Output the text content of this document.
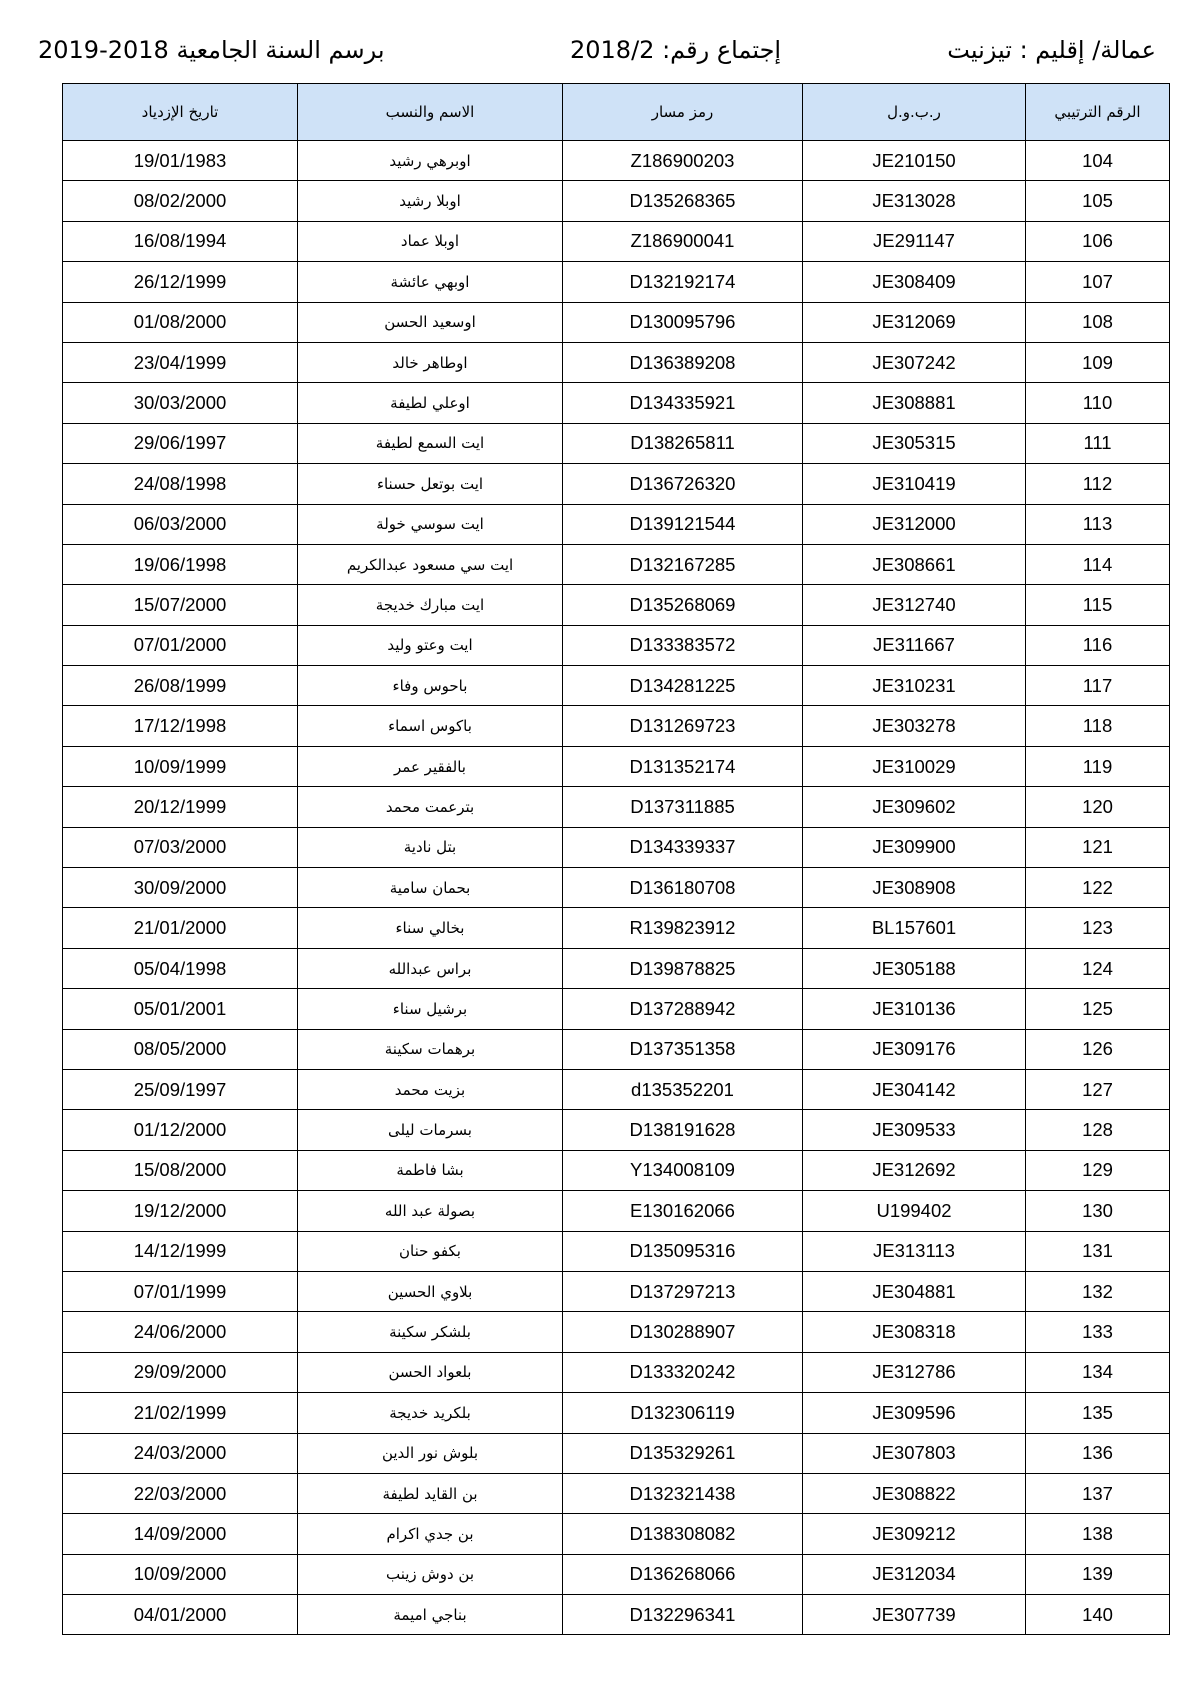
برسم السنة الجامعية 2018-2019	إجتماع رقم: 2018/2	عمالة/ إقليم : تيزنيت
تاريخ الإزدياد	الاسم والنسب	رمز مسار	ر.ب.و.ل	الرقم الترتيبي
19/01/1983	اوبرهي رشيد	Z186900203	JE210150	104
08/02/2000	اوبلا رشيد	D135268365	JE313028	105
16/08/1994	اوبلا عماد	Z186900041	JE291147	106
26/12/1999	اوبهي عائشة	D132192174	JE308409	107
01/08/2000	اوسعيد الحسن	D130095796	JE312069	108
23/04/1999	اوطاهر خالد	D136389208	JE307242	109
30/03/2000	اوعلي لطيفة	D134335921	JE308881	110
29/06/1997	ايت السمع لطيفة	D138265811	JE305315	111
24/08/1998	ايت بوتعل حسناء	D136726320	JE310419	112
06/03/2000	ايت سوسي خولة	D139121544	JE312000	113
19/06/1998	ايت سي مسعود عبدالكريم	D132167285	JE308661	114
15/07/2000	ايت مبارك خديجة	D135268069	JE312740	115
07/01/2000	ايت وعتو وليد	D133383572	JE311667	116
26/08/1999	باحوس وفاء	D134281225	JE310231	117
17/12/1998	باكوس اسماء	D131269723	JE303278	118
10/09/1999	بالفقير عمر	D131352174	JE310029	119
20/12/1999	بترعمت محمد	D137311885	JE309602	120
07/03/2000	بتل نادية	D134339337	JE309900	121
30/09/2000	بحمان سامية	D136180708	JE308908	122
21/01/2000	بخالي سناء	R139823912	BL157601	123
05/04/1998	براس عبدالله	D139878825	JE305188	124
05/01/2001	برشيل سناء	D137288942	JE310136	125
08/05/2000	برهمات سكينة	D137351358	JE309176	126
25/09/1997	بزيت محمد	d135352201	JE304142	127
01/12/2000	بسرمات ليلى	D138191628	JE309533	128
15/08/2000	بشا فاطمة	Y134008109	JE312692	129
19/12/2000	بصولة عبد الله	E130162066	U199402	130
14/12/1999	بكفو حنان	D135095316	JE313113	131
07/01/1999	بلاوي الحسين	D137297213	JE304881	132
24/06/2000	بلشكر سكينة	D130288907	JE308318	133
29/09/2000	بلعواد الحسن	D133320242	JE312786	134
21/02/1999	بلكريد خديجة	D132306119	JE309596	135
24/03/2000	بلوش نور الدين	D135329261	JE307803	136
22/03/2000	بن القايد لطيفة	D132321438	JE308822	137
14/09/2000	بن جدي اكرام	D138308082	JE309212	138
10/09/2000	بن دوش زينب	D136268066	JE312034	139
04/01/2000	بناجي اميمة	D132296341	JE307739	140
